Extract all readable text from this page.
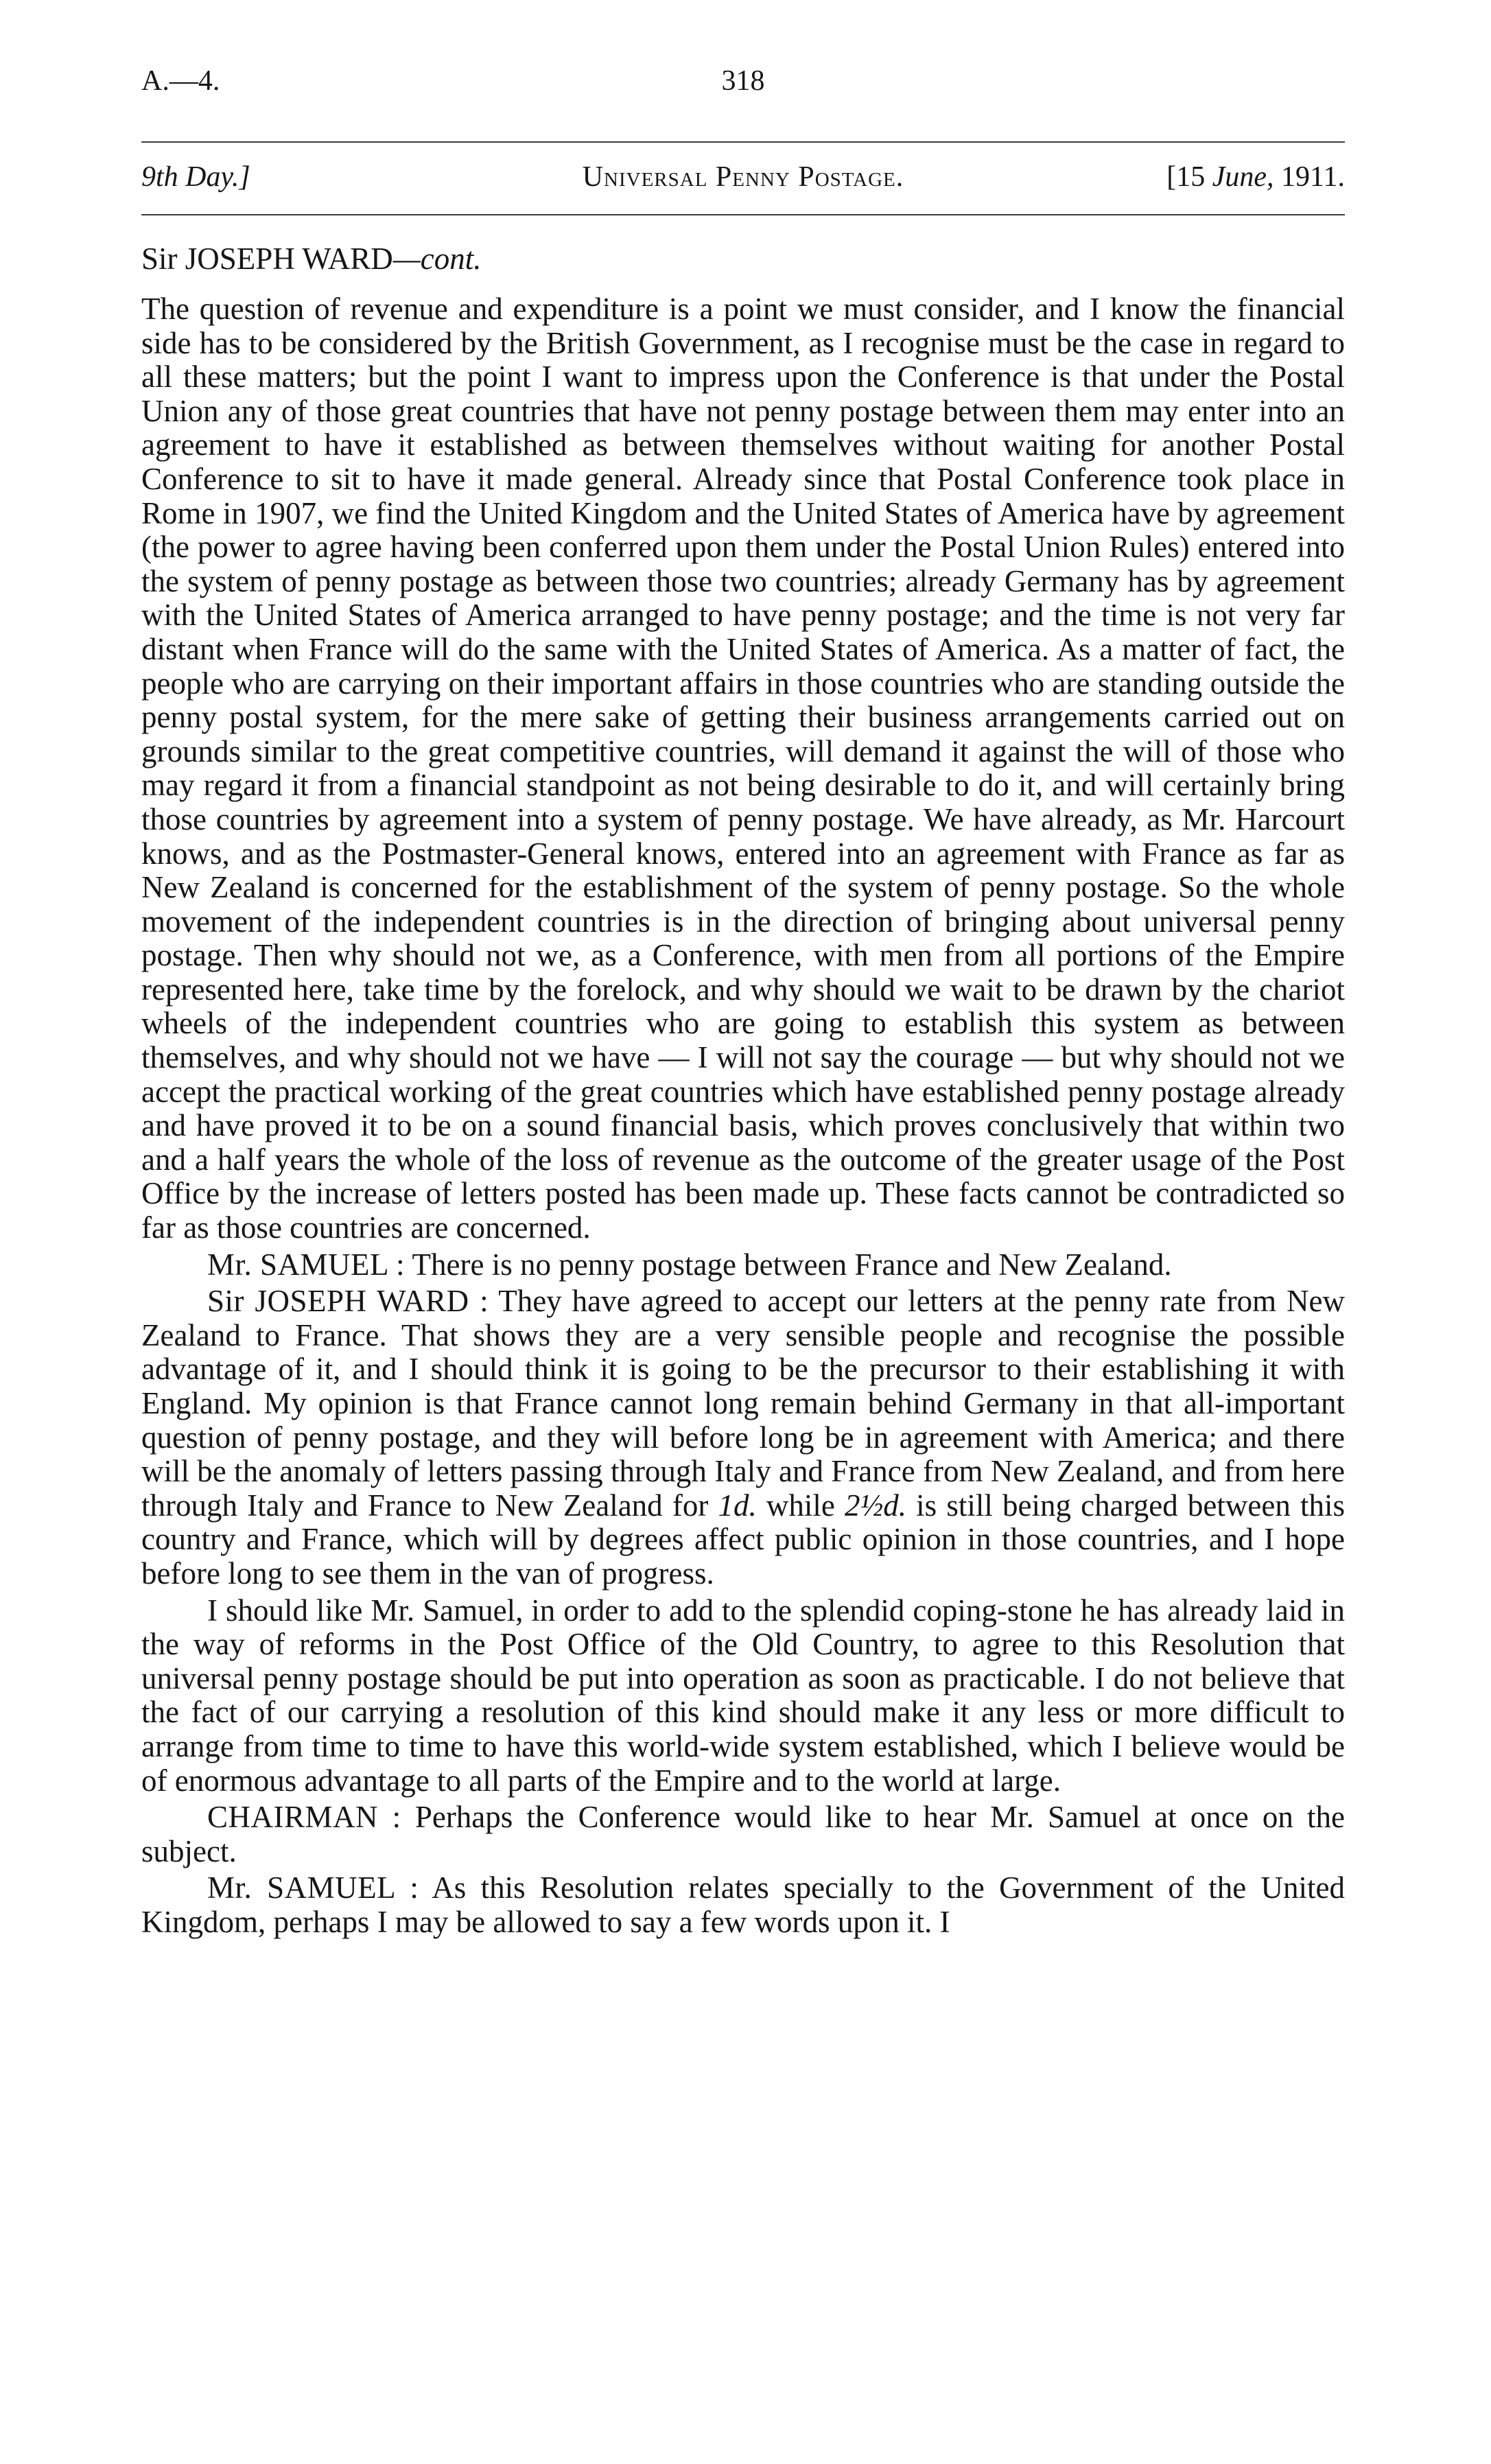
A.—4.	318
9th Day.]	Universal Penny Postage.	[15 June, 1911.
Sir JOSEPH WARD—cont.

The question of revenue and expenditure is a point we must consider, and I know the financial side has to be considered by the British Government, as I recognise must be the case in regard to all these matters; but the point I want to impress upon the Conference is that under the Postal Union any of those great countries that have not penny postage between them may enter into an agreement to have it established as between themselves without waiting for another Postal Conference to sit to have it made general. Already since that Postal Conference took place in Rome in 1907, we find the United Kingdom and the United States of America have by agreement (the power to agree having been conferred upon them under the Postal Union Rules) entered into the system of penny postage as between those two countries; already Germany has by agreement with the United States of America arranged to have penny postage; and the time is not very far distant when France will do the same with the United States of America. As a matter of fact, the people who are carrying on their important affairs in those countries who are standing outside the penny postal system, for the mere sake of getting their business arrangements carried out on grounds similar to the great competitive countries, will demand it against the will of those who may regard it from a financial standpoint as not being desirable to do it, and will certainly bring those countries by agreement into a system of penny postage. We have already, as Mr. Harcourt knows, and as the Postmaster-General knows, entered into an agreement with France as far as New Zealand is concerned for the establishment of the system of penny postage. So the whole movement of the independent countries is in the direction of bringing about universal penny postage. Then why should not we, as a Conference, with men from all portions of the Empire represented here, take time by the forelock, and why should we wait to be drawn by the chariot wheels of the independent countries who are going to establish this system as between themselves, and why should not we have — I will not say the courage — but why should not we accept the practical working of the great countries which have established penny postage already and have proved it to be on a sound financial basis, which proves conclusively that within two and a half years the whole of the loss of revenue as the outcome of the greater usage of the Post Office by the increase of letters posted has been made up. These facts cannot be contradicted so far as those countries are concerned.

Mr. SAMUEL : There is no penny postage between France and New Zealand.

Sir JOSEPH WARD : They have agreed to accept our letters at the penny rate from New Zealand to France. That shows they are a very sensible people and recognise the possible advantage of it, and I should think it is going to be the precursor to their establishing it with England. My opinion is that France cannot long remain behind Germany in that all-important question of penny postage, and they will before long be in agreement with America; and there will be the anomaly of letters passing through Italy and France from New Zealand, and from here through Italy and France to New Zealand for 1d. while 2½d. is still being charged between this country and France, which will by degrees affect public opinion in those countries, and I hope before long to see them in the van of progress.

I should like Mr. Samuel, in order to add to the splendid coping-stone he has already laid in the way of reforms in the Post Office of the Old Country, to agree to this Resolution that universal penny postage should be put into operation as soon as practicable. I do not believe that the fact of our carrying a resolution of this kind should make it any less or more difficult to arrange from time to time to have this world-wide system established, which I believe would be of enormous advantage to all parts of the Empire and to the world at large.

CHAIRMAN : Perhaps the Conference would like to hear Mr. Samuel at once on the subject.

Mr. SAMUEL : As this Resolution relates specially to the Government of the United Kingdom, perhaps I may be allowed to say a few words upon it. I
